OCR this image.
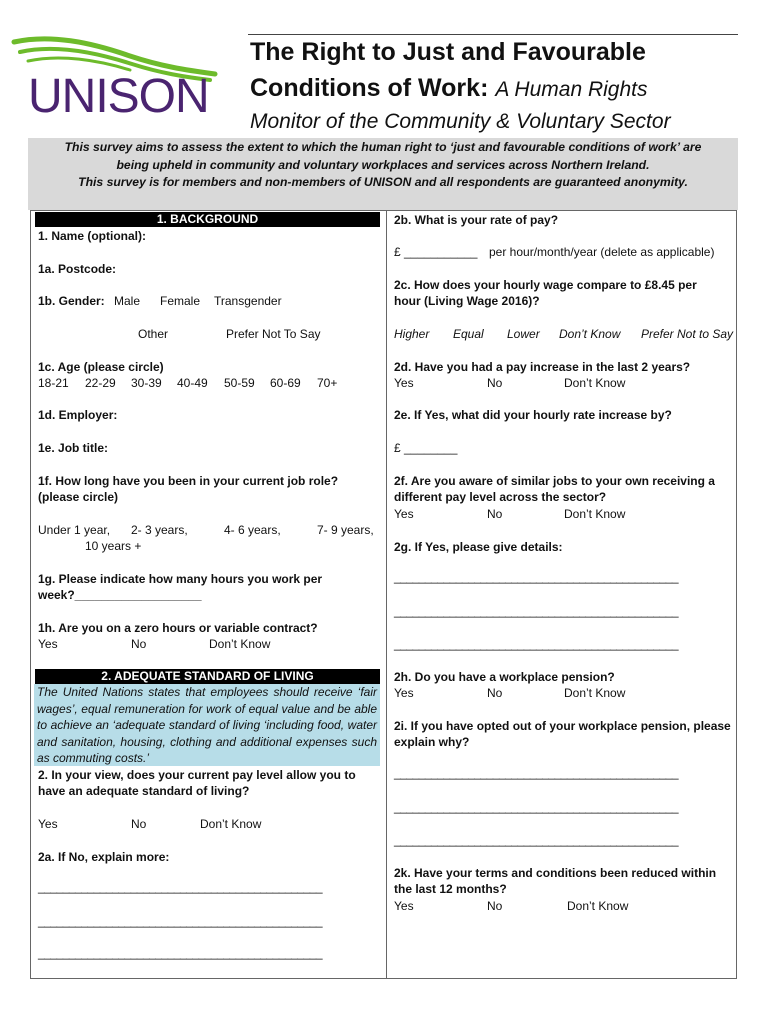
UNISON
The Right to Just and Favourable
Conditions of Work: A Human Rights
Monitor of the Community & Voluntary Sector
This survey aims to assess the extent to which the human right to ‘just and favourable conditions of work’ are
being upheld in community and voluntary workplaces and services across Northern Ireland.
This survey is for members and non-members of UNISON and all respondents are guaranteed anonymity.
1. BACKGROUND
1. Name (optional):
1a. Postcode:
1b. Gender: Male Female Transgender
Other	Prefer Not To Say
1c. Age (please circle)
18-21 22-29 30-39 40-49 50-59 60-69 70+
1d. Employer:
1e. Job title:
1f. How long have you been in your current job role?
(please circle)
Under 1 year, 2- 3 years,	4- 6 years,	7- 9 years,
10 years +
1g. Please indicate how many hours you work per
week?___________________
1h. Are you on a zero hours or variable contract?
Yes	No	Don’t Know
2. ADEQUATE STANDARD OF LIVING
The United Nations states that employees should receive ‘fair wages’, equal remuneration for work of equal value and be able to achieve an ‘adequate standard of living ‘including food, water and sanitation, housing, clothing and additional expenses such as commuting costs.’
2. In your view, does your current pay level allow you to
have an adequate standard of living?
Yes	No	Don’t Know
2a. If No, explain more:
______________________________________________
______________________________________________
______________________________________________
2b. What is your rate of pay?
£ ___________ per hour/month/year (delete as applicable)
2c. How does your hourly wage compare to £8.45 per
hour (Living Wage 2016)?
Higher Equal Lower Don’t Know Prefer Not to Say
2d. Have you had a pay increase in the last 2 years?
Yes	No	Don’t Know
2e. If Yes, what did your hourly rate increase by?
£ ________
2f. Are you aware of similar jobs to your own receiving a
different pay level across the sector?
Yes	No	Don’t Know
2g. If Yes, please give details:
______________________________________________
______________________________________________
______________________________________________
2h. Do you have a workplace pension?
Yes	No	Don’t Know
2i. If you have opted out of your workplace pension, please
explain why?
______________________________________________
______________________________________________
______________________________________________
2k. Have your terms and conditions been reduced within
the last 12 months?
Yes	No	Don’t Know
